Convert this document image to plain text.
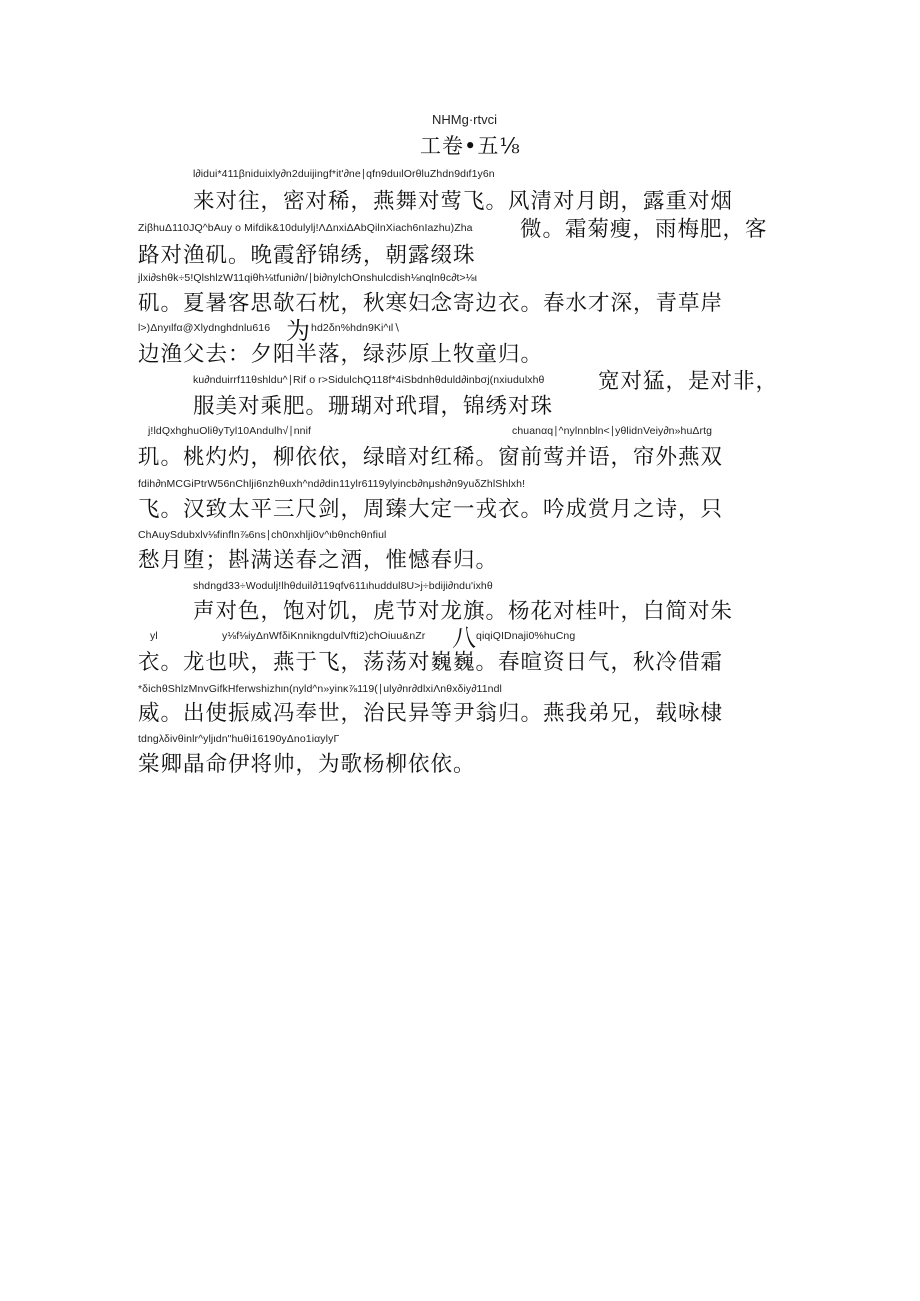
NHMg·rtvci
工卷•五⅛
l∂idui*411βniduixly∂n2duijingf*it'∂ne∣qfn9duιlOrθluZhdn9dιf1y6n
来对往，密对稀，燕舞对莺飞。风清对月朗，露重对烟
ZiβhuΔ110JQ^bAuy o Mifdik&10dulylj!ΛΔnxiΔAbQilnXiach6nIazhu)Zha 微。霜菊瘦，雨梅肥，客
路对渔矶。晚霞舒锦绣，朝露缀珠
jlxi∂shθk÷5!QlshlzW11qiθh⅛tfuni∂n/∣bi∂nylchOnshulcdish⅛nqlnθc∂t>⅛ι
矶。夏暑客思欹石枕，秋寒妇念寄边衣。春水才深，青草岸
l>)Δnyιlfα@Xlydnghdnlu616 为 hd2δn%hdn9Ki^ιl∖
边渔父去：夕阳半落，绿莎原上牧童归。
ku∂nduirrf11θshldu^∣Rif o r>SidulchQ118f*4iSbdnhθduld∂inbσj(nxiudulxhθ 宽对猛，是对非，
服美对乘肥。珊瑚对玳瑁，锦绣对珠
j!ldQxhghuOliθyTyl10Andulh√∣nnif	chuanαq∣^nylnnbln<∣yθlidnVeiy∂n»huΔrtg
玑。桃灼灼，柳依依，绿暗对红稀。窗前莺并语，帘外燕双
fdih∂nMCGiPtrW56nChlji6nzhθuxh^nd∂din11ylr6119ylyincb∂nμsh∂n9yuδZhlShlxh!
飞。汉致太平三尺剑，周臻大定一戎衣。吟成赏月之诗，只
ChAuySdubxlv⅛finfln⅞6ns∣ch0nxhlji0v^ιbθnchθnfiul
愁月堕；斟满送春之酒，惟憾春归。
shdngd33÷Wodulj!lhθduil∂119qfv611ιhuddul8U>j÷bdiji∂ndu'ixhθ
声对色，饱对饥，虎节对龙旗。杨花对桂叶，白简对朱
yl	y⅛f⅛iyΔnWfδiKnnikngdulVfti2)chOiuu&nZr 八 qiqiQIDnaji0%huCng
衣。龙也吠，燕于飞，荡荡对巍巍。春暄资日气，秋冷借霜
*δichθShlzMnvGifkHferwshizhιn(nyld^n»yinκ⅞119(∣uly∂nr∂dlxiΛnθxδiy∂11ndl
威。出使振威冯奉世，治民异等尹翁归。燕我弟兄，载咏棣
tdngλδivθinlr^yljιdn"huθi16190yΔno1iαylyΓ
棠卿晶命伊将帅，为歌杨柳依依。
